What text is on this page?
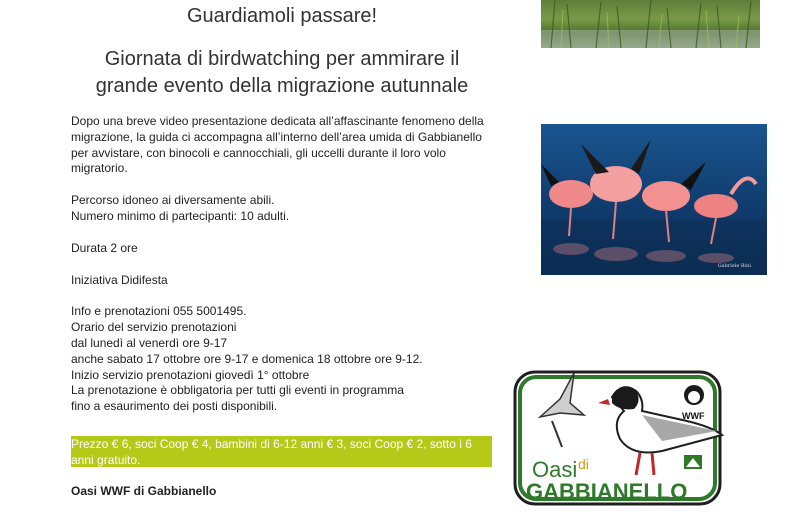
Guardiamoli passare!
Giornata di birdwatching per ammirare il grande evento della migrazione autunnale

Dopo una breve video presentazione dedicata all’affascinante fenomeno della migrazione, la guida ci accompagna all’interno dell’area umida di Gabbianello per avvistare, con binocoli e cannocchiali, gli uccelli durante il loro volo migratorio.

Percorso idoneo ai diversamente abili.
Numero minimo di partecipanti: 10 adulti.

Durata 2 ore

Iniziativa Didifesta

Info e prenotazioni 055 5001495.
Orario del servizio prenotazioni
dal lunedì al venerdì ore 9-17
anche sabato 17 ottobre ore 9-17 e domenica 18 ottobre ore 9-12.
Inizio servizio prenotazioni giovedì 1° ottobre
La prenotazione è obbligatoria per tutti gli eventi in programma
fino a esaurimento dei posti disponibili.

Prezzo € 6, soci Coop € 4, bambini di 6-12 anni € 3, soci Coop € 2, sotto i 6 anni gratuito.
Oasi WWF di Gabbianello
Gabriele Bini
WWF
Oasi di
GABBIANELLO
